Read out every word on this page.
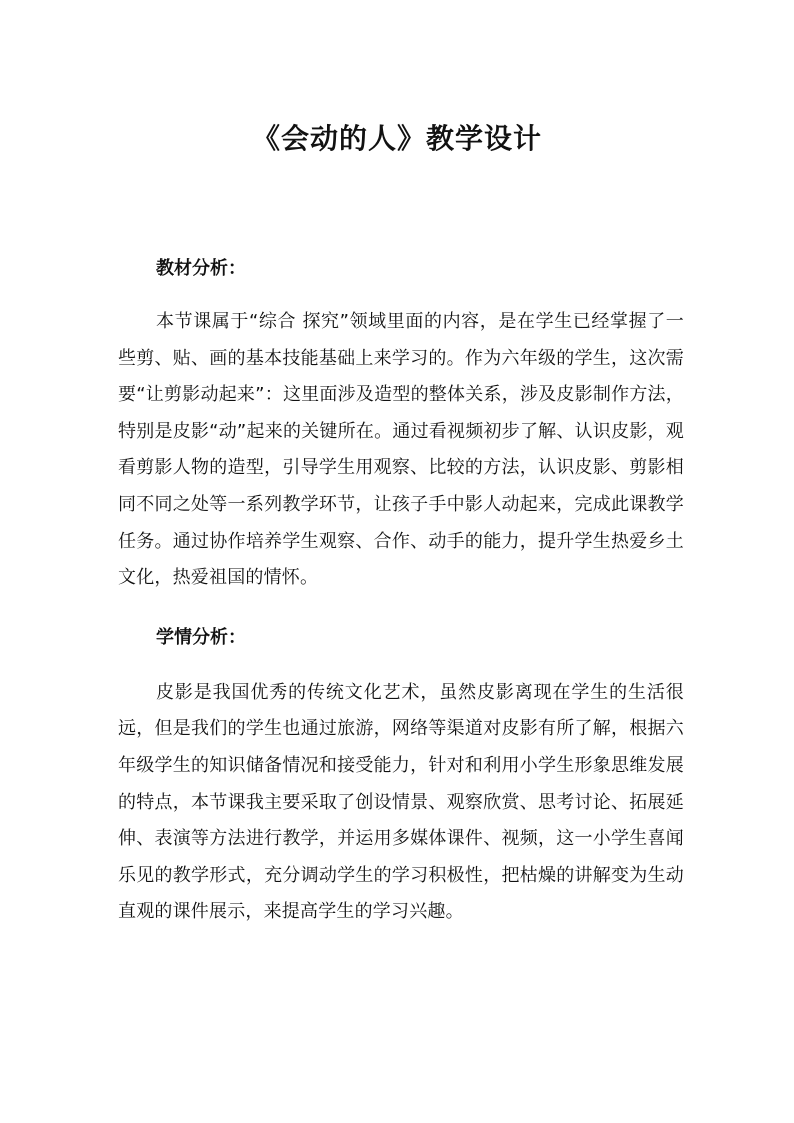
《会动的人》教学设计
教材分析：

本节课属于“综合 探究”领域里面的内容，是在学生已经掌握了一些剪、贴、画的基本技能基础上来学习的。作为六年级的学生，这次需要“让剪影动起来”：这里面涉及造型的整体关系，涉及皮影制作方法，特别是皮影“动”起来的关键所在。通过看视频初步了解、认识皮影，观看剪影人物的造型，引导学生用观察、比较的方法，认识皮影、剪影相同不同之处等一系列教学环节，让孩子手中影人动起来，完成此课教学任务。通过协作培养学生观察、合作、动手的能力，提升学生热爱乡土文化，热爱祖国的情怀。

学情分析：

皮影是我国优秀的传统文化艺术，虽然皮影离现在学生的生活很远，但是我们的学生也通过旅游，网络等渠道对皮影有所了解，根据六年级学生的知识储备情况和接受能力，针对和利用小学生形象思维发展的特点，本节课我主要采取了创设情景、观察欣赏、思考讨论、拓展延伸、表演等方法进行教学，并运用多媒体课件、视频，这一小学生喜闻乐见的教学形式，充分调动学生的学习积极性，把枯燥的讲解变为生动直观的课件展示，来提高学生的学习兴趣。
